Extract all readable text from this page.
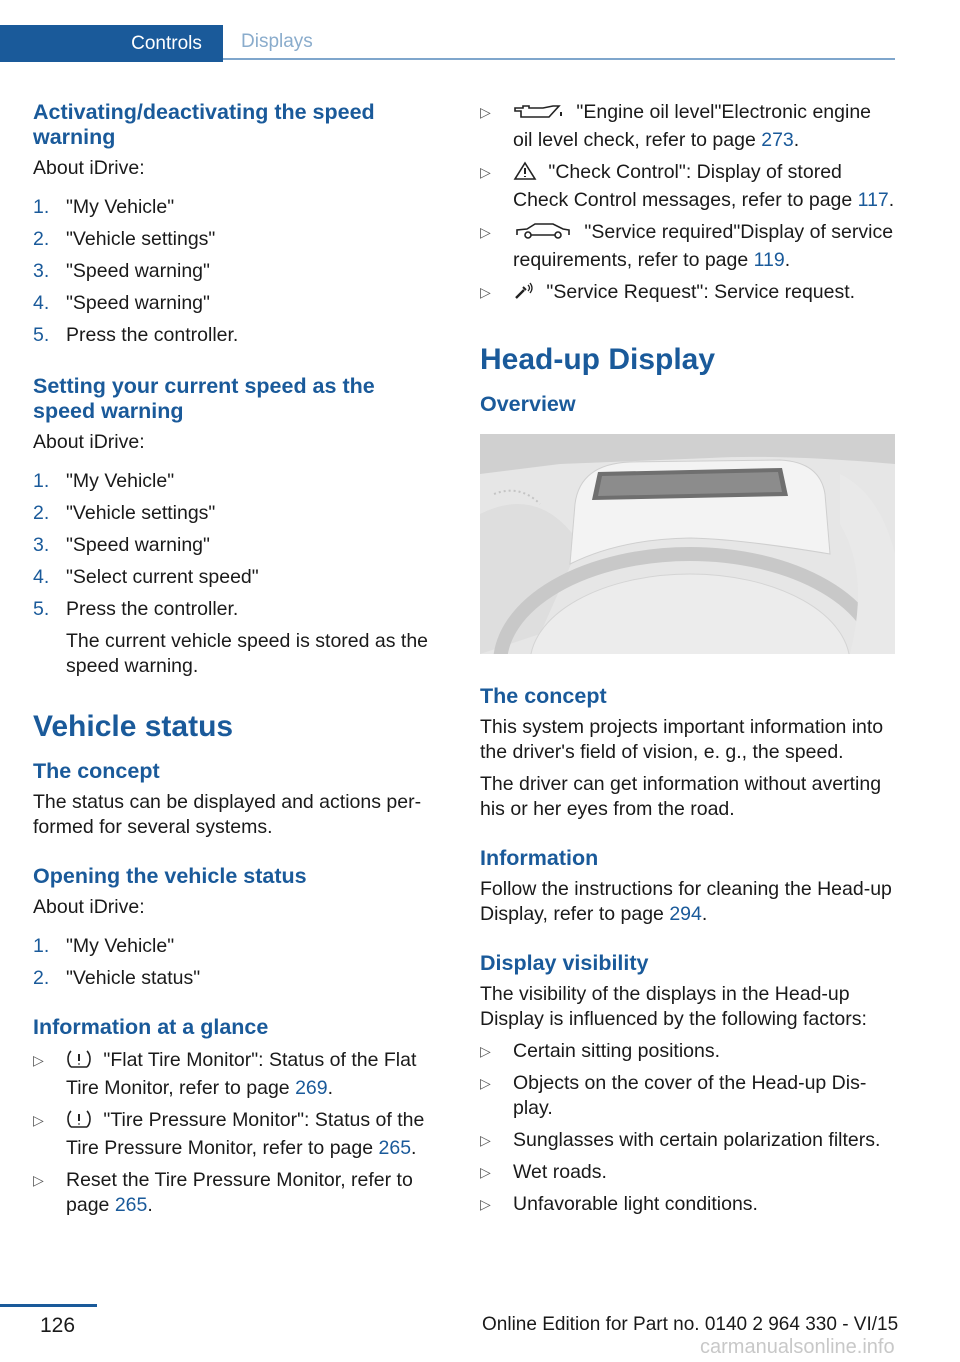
Controls	Displays
Activating/deactivating the speed warning

About iDrive:

1. "My Vehicle"
2. "Vehicle settings"
3. "Speed warning"
4. "Speed warning"
5. Press the controller.
Setting your current speed as the speed warning

About iDrive:

1. "My Vehicle"
2. "Vehicle settings"
3. "Speed warning"
4. "Select current speed"
5. Press the controller.

The current vehicle speed is stored as the speed warning.

Vehicle status
The concept

The status can be displayed and actions per-formed for several systems.

Opening the vehicle status

About iDrive:

1. "My Vehicle"
2. "Vehicle status"
Information at a glance
▷	"Flat Tire Monitor": Status of the Flat Tire Monitor, refer to page 269.
▷	"Tire Pressure Monitor": Status of the Tire Pressure Monitor, refer to page 265.
▷ Reset the Tire Pressure Monitor, refer to page 265.
▷	"Engine oil level"Electronic engine oil level check, refer to page 273.
▷	"Check Control": Display of stored Check Control messages, refer to page 117.
▷	"Service required"Display of service requirements, refer to page 119.
▷	"Service Request": Service request.
Head-up Display
Overview
The concept

This system projects important information into the driver's field of vision, e. g., the speed.

The driver can get information without averting his or her eyes from the road.

Information

Follow the instructions for cleaning the Head-up Display, refer to page 294.

Display visibility

The visibility of the displays in the Head-up Display is influenced by the following factors:

▷ Certain sitting positions.
▷ Objects on the cover of the Head-up Dis-play.
▷ Sunglasses with certain polarization filters.
▷ Wet roads.
▷ Unfavorable light conditions.
126	Online Edition for Part no. 0140 2 964 330 - VI/15
carmanualsonline.info
